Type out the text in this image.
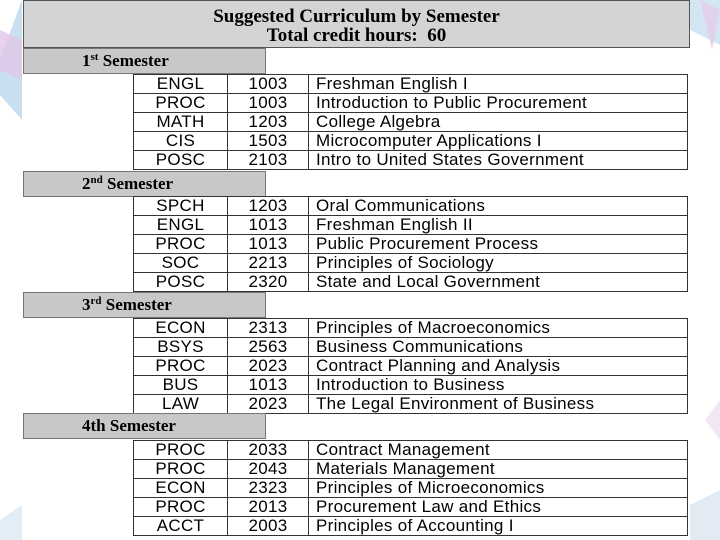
Suggested Curriculum by Semester
Total credit hours:  60
1st Semester
ENGL	1003	Freshman English I
PROC	1003	Introduction to Public Procurement
MATH	1203	College Algebra
CIS	1503	Microcomputer Applications I
POSC	2103	Intro to United States Government
2nd Semester
SPCH	1203	Oral Communications
ENGL	1013	Freshman English II
PROC	1013	Public Procurement Process
SOC	2213	Principles of Sociology
POSC	2320	State and Local Government
3rd Semester
ECON	2313	Principles of Macroeconomics
BSYS	2563	Business Communications
PROC	2023	Contract Planning and Analysis
BUS	1013	Introduction to Business
LAW	2023	The Legal Environment of Business
4th Semester
PROC	2033	Contract Management
PROC	2043	Materials Management
ECON	2323	Principles of Microeconomics
PROC	2013	Procurement Law and Ethics
ACCT	2003	Principles of Accounting I
